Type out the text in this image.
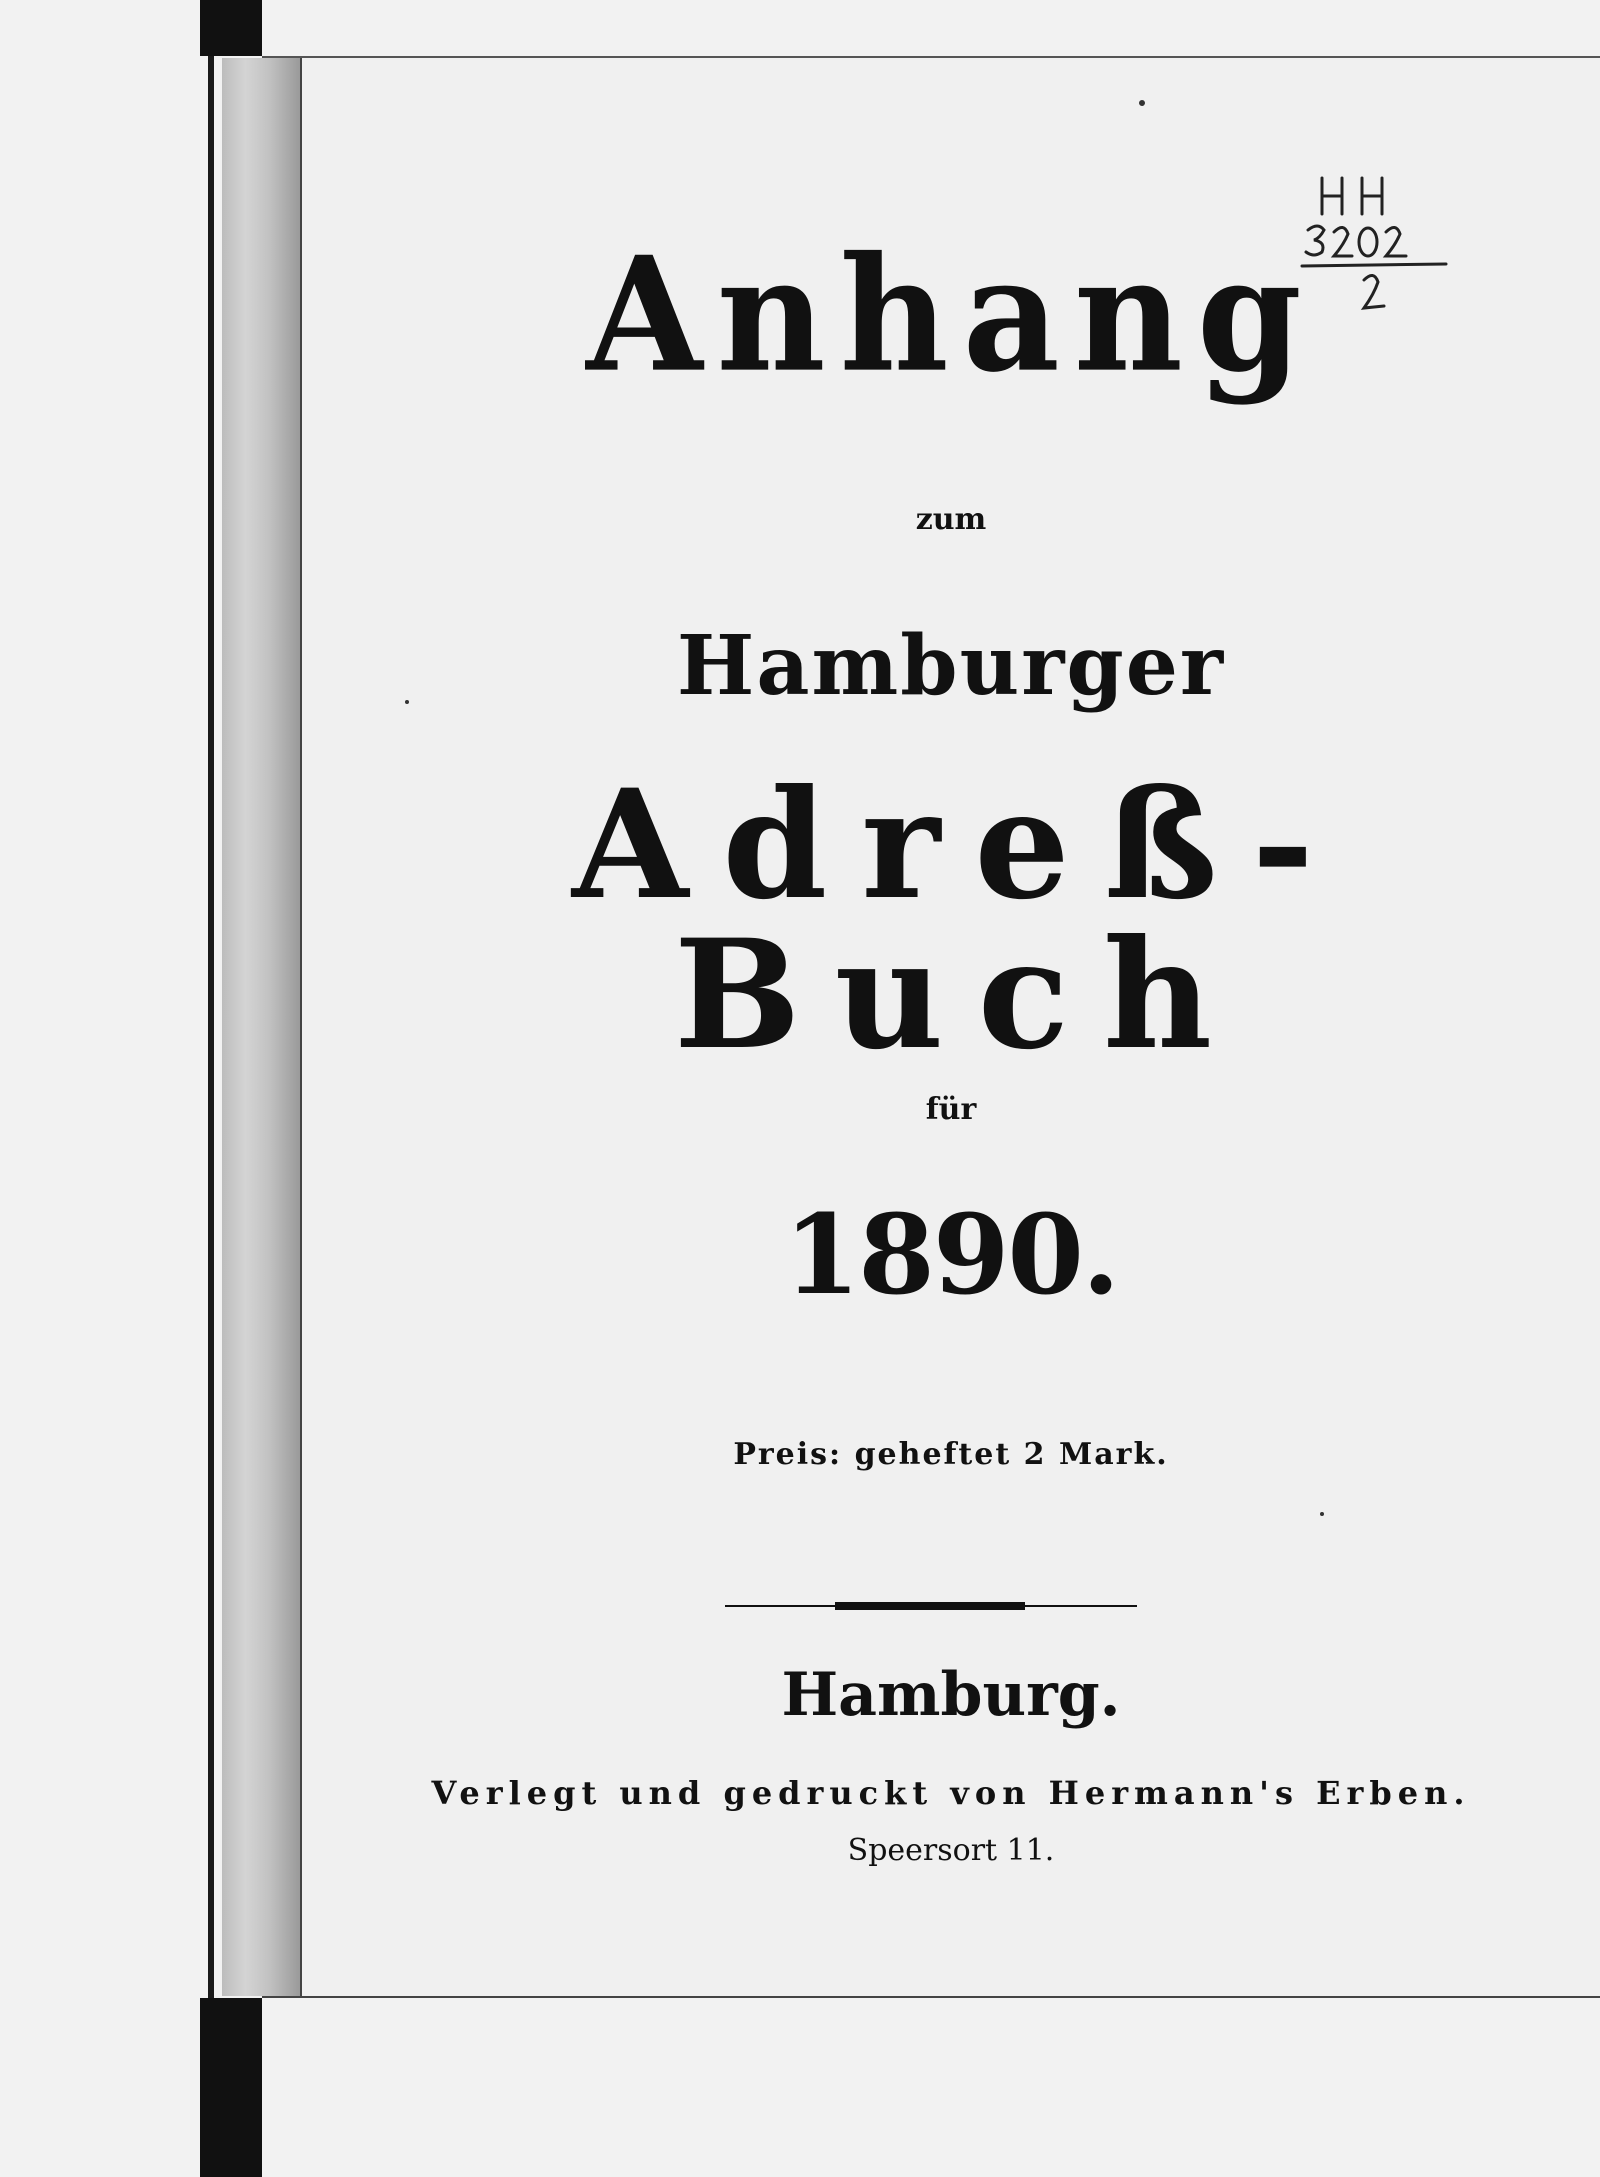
Anhang
zum
Hamburger
Adreß-Buch
für
1890.
Preis: geheftet 2 Mark.
Hamburg.
Verlegt und gedruckt von Hermann's Erben.
Speersort 11.
